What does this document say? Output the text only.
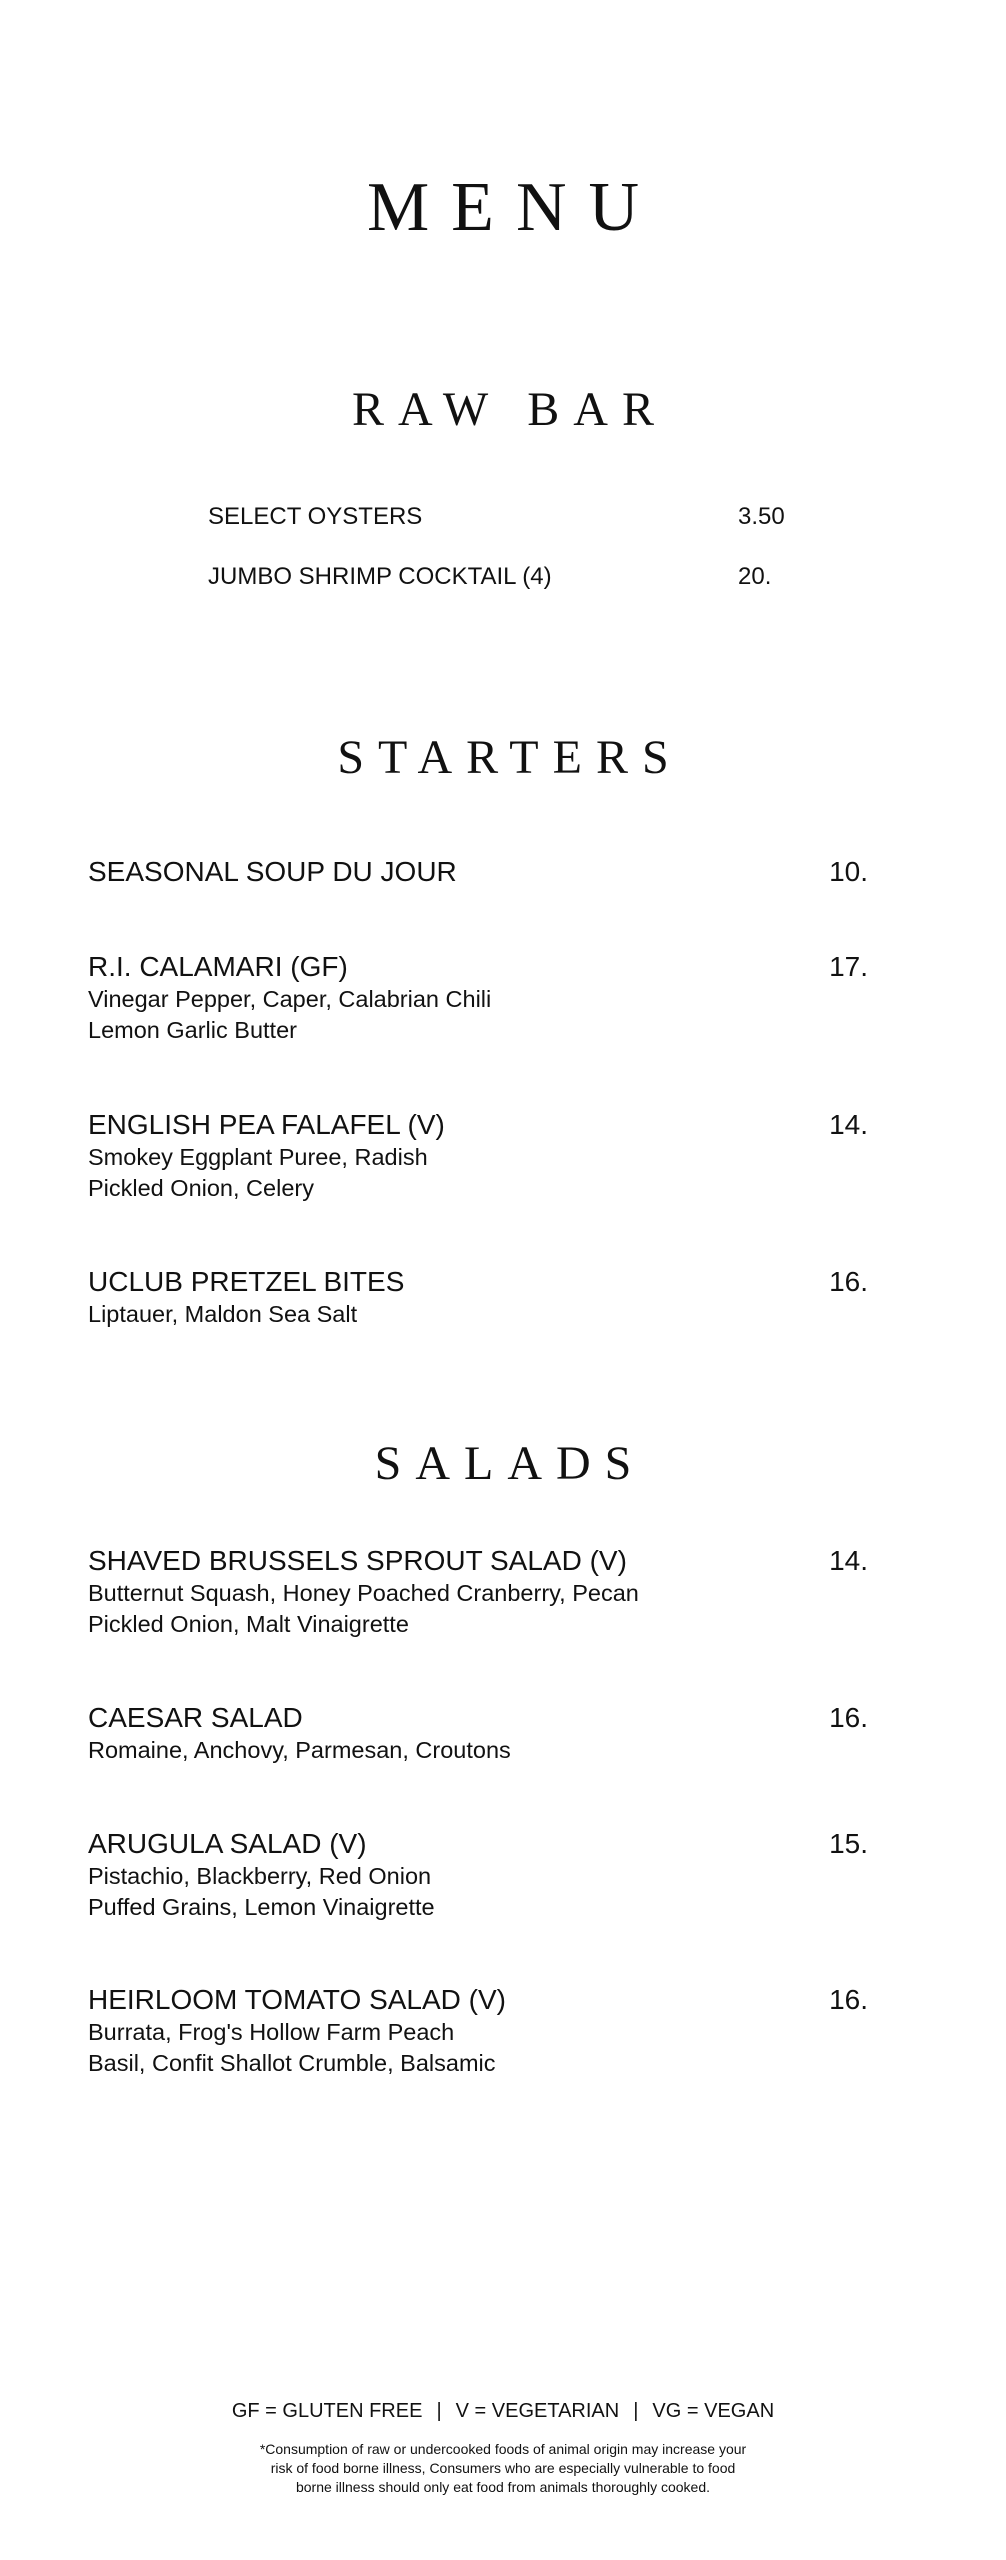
MENU
RAW BAR
SELECT OYSTERS	3.50
JUMBO SHRIMP COCKTAIL (4)	20.
STARTERS

SEASONAL SOUP DU JOUR	10.

R.I. CALAMARI (GF)	17.

Vinegar Pepper, Caper, Calabrian Chili

Lemon Garlic Butter

ENGLISH PEA FALAFEL (V)	14.

Smokey Eggplant Puree, Radish

Pickled Onion, Celery

UCLUB PRETZEL BITES	16.

Liptauer, Maldon Sea Salt

SALADS

SHAVED BRUSSELS SPROUT SALAD (V)	14.

Butternut Squash, Honey Poached Cranberry, Pecan

Pickled Onion, Malt Vinaigrette

CAESAR SALAD	16.

Romaine, Anchovy, Parmesan, Croutons

ARUGULA SALAD (V)	15.

Pistachio, Blackberry, Red Onion

Puffed Grains, Lemon Vinaigrette

HEIRLOOM TOMATO SALAD (V)	16.

Burrata, Frog's Hollow Farm Peach

Basil, Confit Shallot Crumble, Balsamic

GF = GLUTEN FREE | V = VEGETARIAN | VG = VEGAN
*Consumption of raw or undercooked foods of animal origin may increase your
risk of food borne illness, Consumers who are especially vulnerable to food
borne illness should only eat food from animals thoroughly cooked.
